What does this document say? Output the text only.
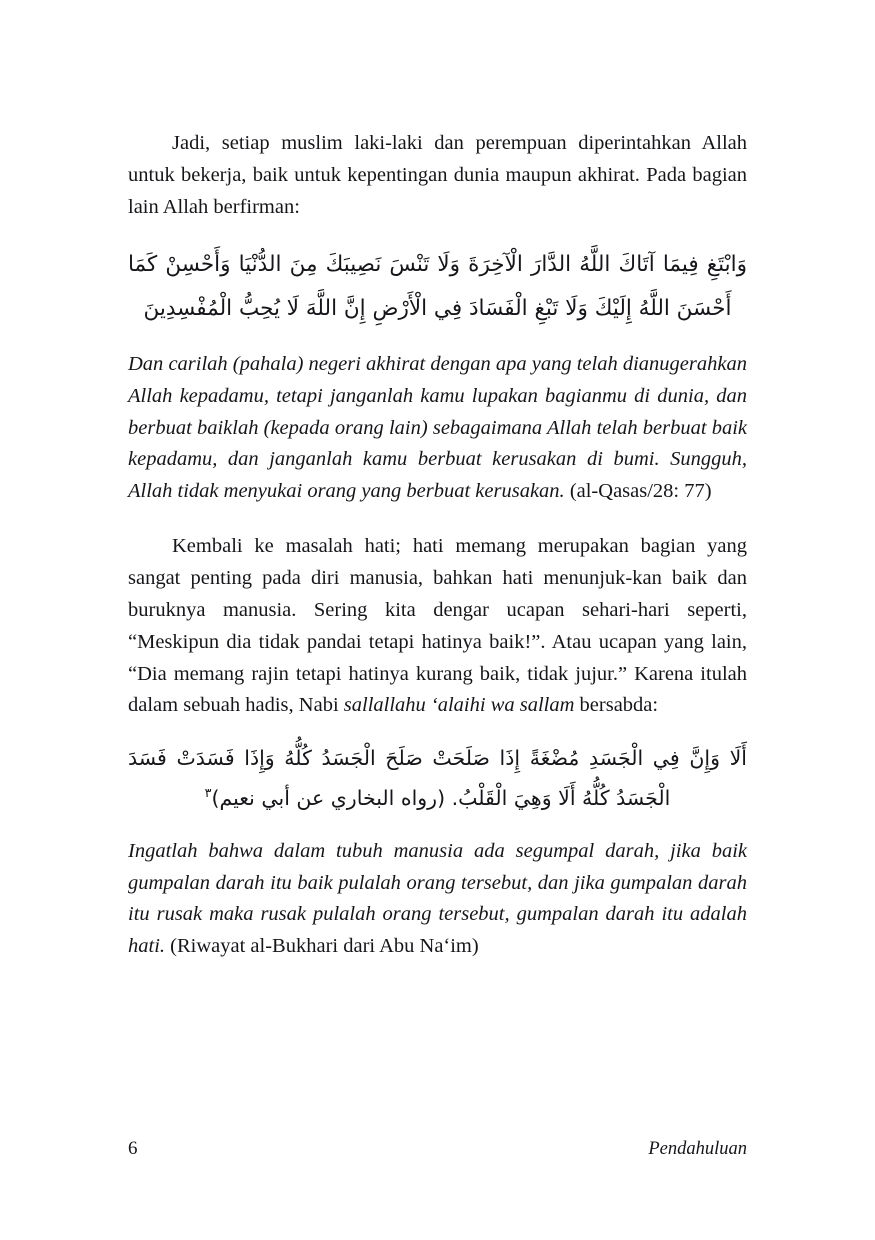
Jadi, setiap muslim laki-laki dan perempuan diperintahkan Allah untuk bekerja, baik untuk kepentingan dunia maupun akhirat. Pada bagian lain Allah berfirman:

وَابْتَغِ فِيمَا آتَاكَ اللَّهُ الدَّارَ الْآخِرَةَ وَلَا تَنْسَ نَصِيبَكَ مِنَ الدُّنْيَا وَأَحْسِنْ كَمَا أَحْسَنَ اللَّهُ إِلَيْكَ وَلَا تَبْغِ الْفَسَادَ فِي الْأَرْضِ إِنَّ اللَّهَ لَا يُحِبُّ الْمُفْسِدِينَ

Dan carilah (pahala) negeri akhirat dengan apa yang telah dianugerahkan Allah kepadamu, tetapi janganlah kamu lupakan bagianmu di dunia, dan berbuat baiklah (kepada orang lain) sebagaimana Allah telah berbuat baik kepadamu, dan janganlah kamu berbuat kerusakan di bumi. Sungguh, Allah tidak menyukai orang yang berbuat kerusakan. (al-Qasas/28: 77)

Kembali ke masalah hati; hati memang merupakan bagian yang sangat penting pada diri manusia, bahkan hati menunjuk-kan baik dan buruknya manusia. Sering kita dengar ucapan sehari-hari seperti, “Meskipun dia tidak pandai tetapi hatinya baik!”. Atau ucapan yang lain, “Dia memang rajin tetapi hatinya kurang baik, tidak jujur.” Karena itulah dalam sebuah hadis, Nabi sallallahu ‘alaihi wa sallam bersabda:

أَلَا وَإِنَّ فِي الْجَسَدِ مُضْغَةً إِذَا صَلَحَتْ صَلَحَ الْجَسَدُ كُلُّهُ وَإِذَا فَسَدَتْ فَسَدَ الْجَسَدُ كُلُّهُ أَلَا وَهِيَ الْقَلْبُ. (رواه البخاري عن أبي نعيم)$^٣$

Ingatlah bahwa dalam tubuh manusia ada segumpal darah, jika baik gumpalan darah itu baik pulalah orang tersebut, dan jika gumpalan darah itu rusak maka rusak pulalah orang tersebut, gumpalan darah itu adalah hati. (Riwayat al-Bukhari dari Abu Na‘im)

6	Pendahuluan
